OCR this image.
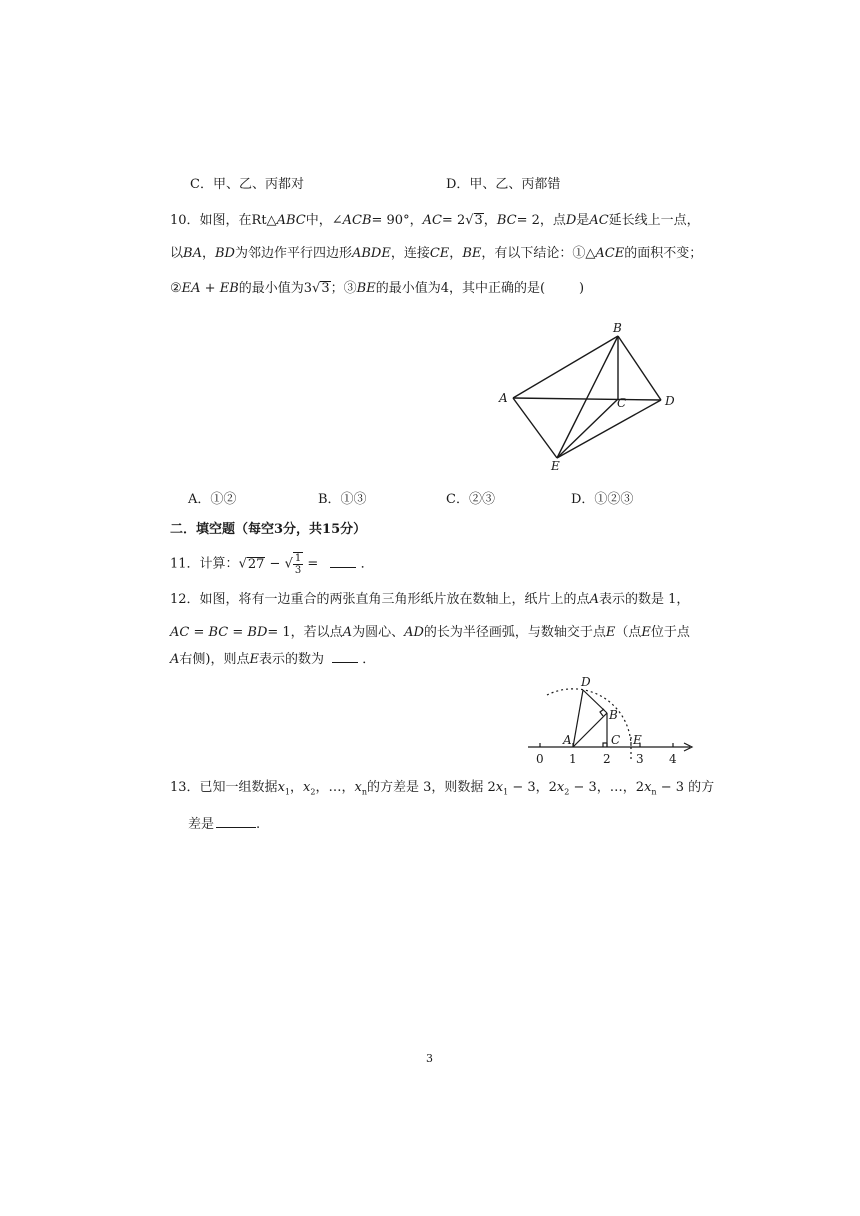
C．甲、乙、丙都对	D．甲、乙、丙都错
10．如图，在Rt△ABC中，∠ACB= 90°，AC= 2√3，BC= 2，点D是AC延长线上一点，
以BA，BD为邻边作平行四边形ABDE，连接CE，BE，有以下结论：①△ACE的面积不变；
②EA + EB的最小值为3√3；③BE的最小值为4，其中正确的是(	)
B
A	C	D
E
A．①②	B．①③	C．②③	D．①②③
二．填空题（每空3分，共15分）
11．计算：√27 − √ $\frac{1}{3}$ =	．
12．如图，将有一边重合的两张直角三角形纸片放在数轴上，纸片上的点A表示的数是 1，
AC = BC = BD= 1，若以点A为圆心、AD的长为半径画弧，与数轴交于点E（点E位于点
A右侧)，则点E表示的数为	．
D
B
A	C E
0 1 2 3 4
13．已知一组数据$x_1$，$x_2$，…，$x_n$的方差是 3，则数据 $2x_1 - 3$，$2x_2 - 3$，…，$2x_n - 3$ 的方
差是	.
3
